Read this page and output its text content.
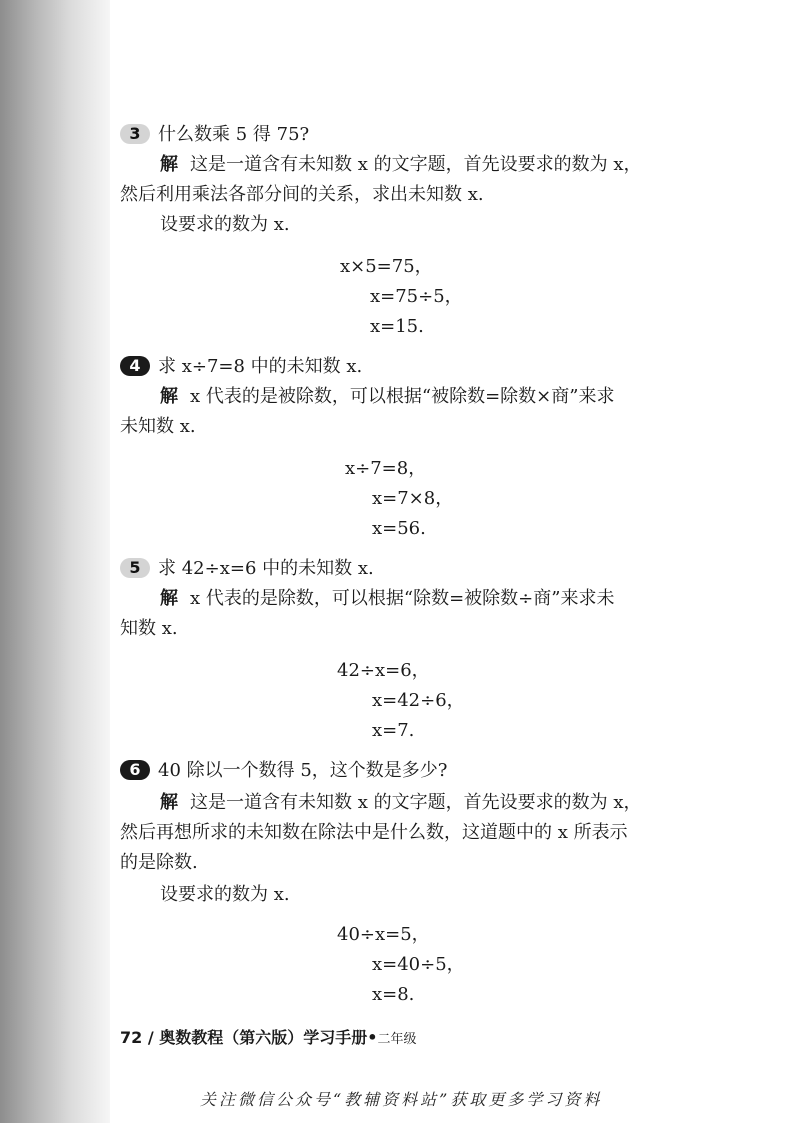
3 什么数乘 5 得 75?
解 这是一道含有未知数 x 的文字题，首先设要求的数为 x，
然后利用乘法各部分间的关系，求出未知数 x.
设要求的数为 x.
x×5=75，
x=75÷5，
x=15.
4 求 x÷7=8 中的未知数 x.
解 x 代表的是被除数，可以根据“被除数=除数×商”来求
未知数 x.
x÷7=8，
x=7×8，
x=56.
5 求 42÷x=6 中的未知数 x.
解 x 代表的是除数，可以根据“除数=被除数÷商”来求未
知数 x.
42÷x=6，
x=42÷6，
x=7.
6 40 除以一个数得 5，这个数是多少?
解 这是一道含有未知数 x 的文字题，首先设要求的数为 x，
然后再想所求的未知数在除法中是什么数，这道题中的 x 所表示
的是除数.
设要求的数为 x.
40÷x=5，
x=40÷5，
x=8.
72 / 奥数教程（第六版）学习手册•二年级
关注微信公众号“教辅资料站”获取更多学习资料
